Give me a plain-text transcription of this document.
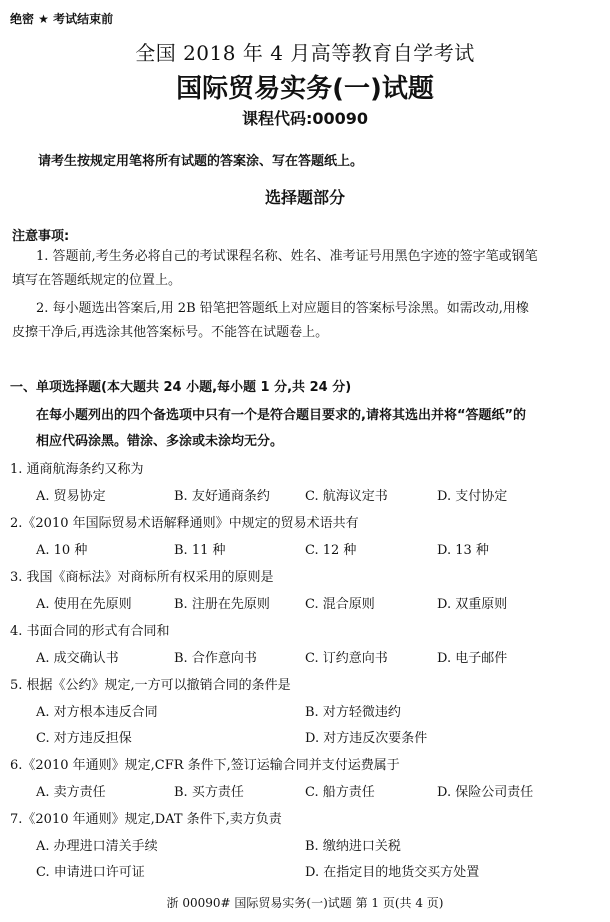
绝密 ★ 考试结束前
全国 2018 年 4 月高等教育自学考试
国际贸易实务(一)试题
课程代码:00090
请考生按规定用笔将所有试题的答案涂、写在答题纸上。
选择题部分
注意事项:
1. 答题前,考生务必将自己的考试课程名称、姓名、准考证号用黑色字迹的签字笔或钢笔
填写在答题纸规定的位置上。
2. 每小题选出答案后,用 2B 铅笔把答题纸上对应题目的答案标号涂黑。如需改动,用橡
皮擦干净后,再选涂其他答案标号。不能答在试题卷上。
一、单项选择题(本大题共 24 小题,每小题 1 分,共 24 分)
在每小题列出的四个备选项中只有一个是符合题目要求的,请将其选出并将“答题纸”的
相应代码涂黑。错涂、多涂或未涂均无分。
1. 通商航海条约又称为
A. 贸易协定	B. 友好通商条约	C. 航海议定书	D. 支付协定
2.《2010 年国际贸易术语解释通则》中规定的贸易术语共有
A. 10 种	B. 11 种	C. 12 种	D. 13 种
3. 我国《商标法》对商标所有权采用的原则是
A. 使用在先原则	B. 注册在先原则	C. 混合原则	D. 双重原则
4. 书面合同的形式有合同和
A. 成交确认书	B. 合作意向书	C. 订约意向书	D. 电子邮件
5. 根据《公约》规定,一方可以撤销合同的条件是
A. 对方根本违反合同	B. 对方轻微违约
C. 对方违反担保	D. 对方违反次要条件
6.《2010 年通则》规定,CFR 条件下,签订运输合同并支付运费属于
A. 卖方责任	B. 买方责任	C. 船方责任	D. 保险公司责任
7.《2010 年通则》规定,DAT 条件下,卖方负责
A. 办理进口清关手续	B. 缴纳进口关税
C. 申请进口许可证	D. 在指定目的地货交买方处置
浙 00090# 国际贸易实务(一)试题 第 1 页(共 4 页)
